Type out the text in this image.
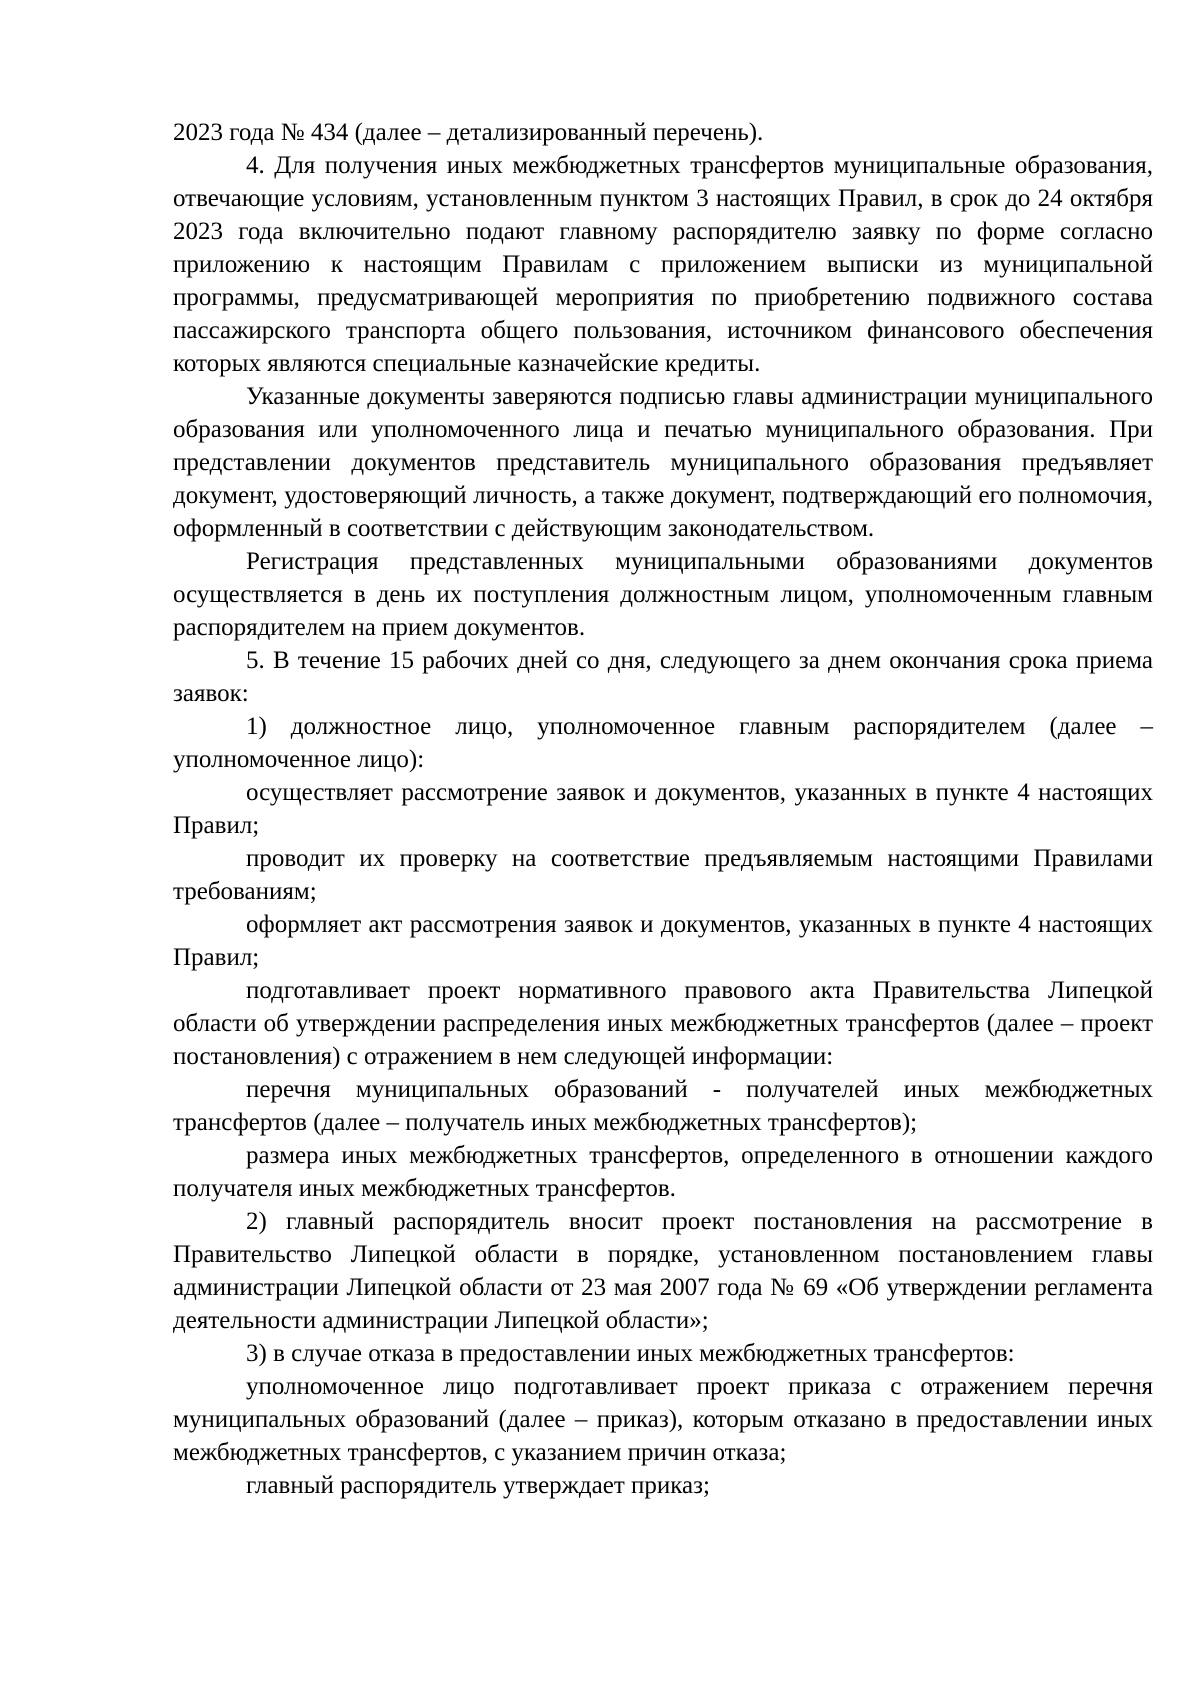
2023 года № 434 (далее – детализированный перечень).

4. Для получения иных межбюджетных трансфертов муниципальные образования, отвечающие условиям, установленным пунктом 3 настоящих Правил, в срок до 24 октября 2023 года включительно подают главному распорядителю заявку по форме согласно приложению к настоящим Правилам с приложением выписки из муниципальной программы, предусматривающей мероприятия по приобретению подвижного состава пассажирского транспорта общего пользования, источником финансового обеспечения которых являются специальные казначейские кредиты.

Указанные документы заверяются подписью главы администрации муниципального образования или уполномоченного лица и печатью муниципального образования. При представлении документов представитель муниципального образования предъявляет документ, удостоверяющий личность, а также документ, подтверждающий его полномочия, оформленный в соответствии с действующим законодательством.

Регистрация представленных муниципальными образованиями документов осуществляется в день их поступления должностным лицом, уполномоченным главным распорядителем на прием документов.

5. В течение 15 рабочих дней со дня, следующего за днем окончания срока приема заявок:

1) должностное лицо, уполномоченное главным распорядителем (далее – уполномоченное лицо):

осуществляет рассмотрение заявок и документов, указанных в пункте 4 настоящих Правил;

проводит их проверку на соответствие предъявляемым настоящими Правилами требованиям;

оформляет акт рассмотрения заявок и документов, указанных в пункте 4 настоящих Правил;

подготавливает проект нормативного правового акта Правительства Липецкой области об утверждении распределения иных межбюджетных трансфертов (далее – проект постановления) с отражением в нем следующей информации:

перечня муниципальных образований - получателей иных межбюджетных трансфертов (далее – получатель иных межбюджетных трансфертов);

размера иных межбюджетных трансфертов, определенного в отношении каждого получателя иных межбюджетных трансфертов.

2) главный распорядитель вносит проект постановления на рассмотрение в Правительство Липецкой области в порядке, установленном постановлением главы администрации Липецкой области от 23 мая 2007 года № 69 «Об утверждении регламента деятельности администрации Липецкой области»;

3) в случае отказа в предоставлении иных межбюджетных трансфертов:

уполномоченное лицо подготавливает проект приказа с отражением перечня муниципальных образований (далее – приказ), которым отказано в предоставлении иных межбюджетных трансфертов, с указанием причин отказа;

главный распорядитель утверждает приказ;
